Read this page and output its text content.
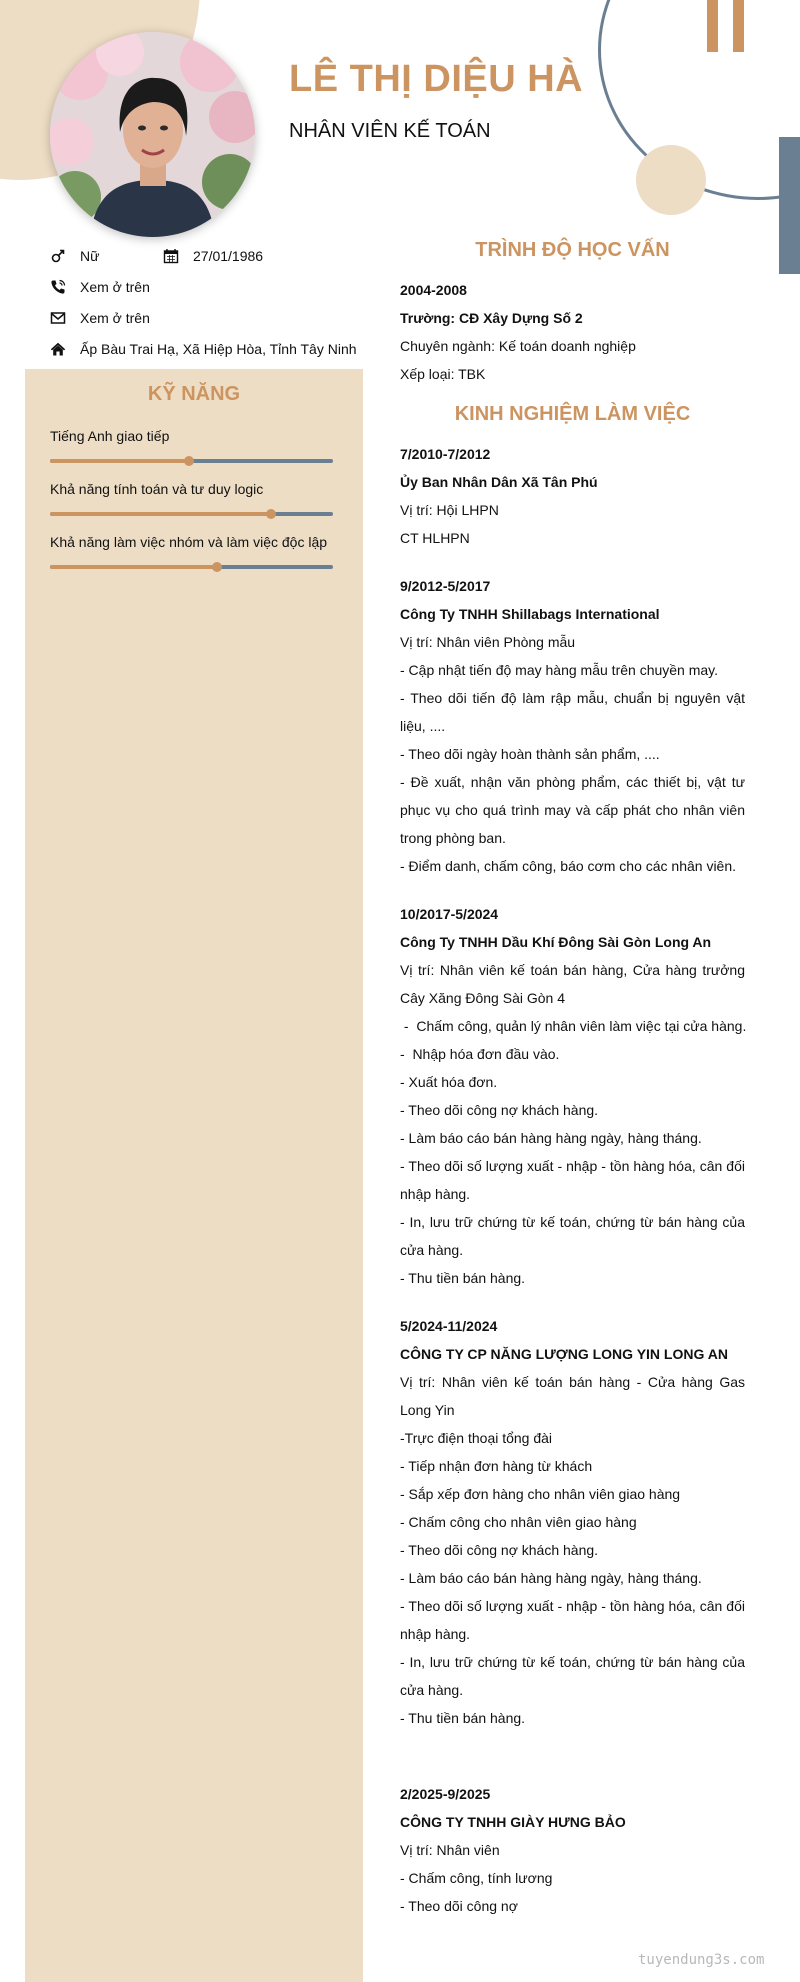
LÊ THỊ DIỆU HÀ
NHÂN VIÊN KẾ TOÁN
Nữ	27/01/1986
Xem ở trên
Xem ở trên
Ấp Bàu Trai Hạ, Xã Hiệp Hòa, Tỉnh Tây Ninh
KỸ NĂNG
Tiếng Anh giao tiếp
Khả năng tính toán và tư duy logic
Khả năng làm việc nhóm và làm việc độc lập
TRÌNH ĐỘ HỌC VẤN
2004-2008
Trường: CĐ Xây Dựng Số 2
Chuyên ngành: Kế toán doanh nghiệp
Xếp loại: TBK
KINH NGHIỆM LÀM VIỆC
7/2010-7/2012
Ủy Ban Nhân Dân Xã Tân Phú
Vị trí: Hội LHPN
CT HLHPN
9/2012-5/2017
Công Ty TNHH Shillabags International
Vị trí: Nhân viên Phòng mẫu
- Cập nhật tiến độ may hàng mẫu trên chuyền may.
- Theo dõi tiến độ làm rập mẫu, chuẩn bị nguyên vật liệu, ....
- Theo dõi ngày hoàn thành sản phẩm, ....
- Đề xuất, nhận văn phòng phẩm, các thiết bị, vật tư phục vụ cho quá trình may và cấp phát cho nhân viên trong phòng ban.
- Điểm danh, chấm công, báo cơm cho các nhân viên.
10/2017-5/2024
Công Ty TNHH Dầu Khí Đông Sài Gòn Long An
Vị trí: Nhân viên kế toán bán hàng, Cửa hàng trưởng Cây Xăng Đông Sài Gòn 4
-  Chấm công, quản lý nhân viên làm việc tại cửa hàng.
-  Nhập hóa đơn đầu vào.
- Xuất hóa đơn.
- Theo dõi công nợ khách hàng.
- Làm báo cáo bán hàng hàng ngày, hàng tháng.
- Theo dõi số lượng xuất - nhập - tồn hàng hóa, cân đối nhập hàng.
- In, lưu trữ chứng từ kế toán, chứng từ bán hàng của cửa hàng.
- Thu tiền bán hàng.
5/2024-11/2024
CÔNG TY CP NĂNG LƯỢNG LONG YIN LONG AN
Vị trí: Nhân viên kế toán bán hàng - Cửa hàng Gas Long Yin
-Trực điện thoại tổng đài
- Tiếp nhận đơn hàng từ khách
- Sắp xếp đơn hàng cho nhân viên giao hàng
- Chấm công cho nhân viên giao hàng
- Theo dõi công nợ khách hàng.
- Làm báo cáo bán hàng hàng ngày, hàng tháng.
- Theo dõi số lượng xuất - nhập - tồn hàng hóa, cân đối nhập hàng.
- In, lưu trữ chứng từ kế toán, chứng từ bán hàng của cửa hàng.
- Thu tiền bán hàng.
2/2025-9/2025
CÔNG TY TNHH GIÀY HƯNG BẢO
Vị trí: Nhân viên
- Chấm công, tính lương
- Theo dõi công nợ
tuyendung3s.com
